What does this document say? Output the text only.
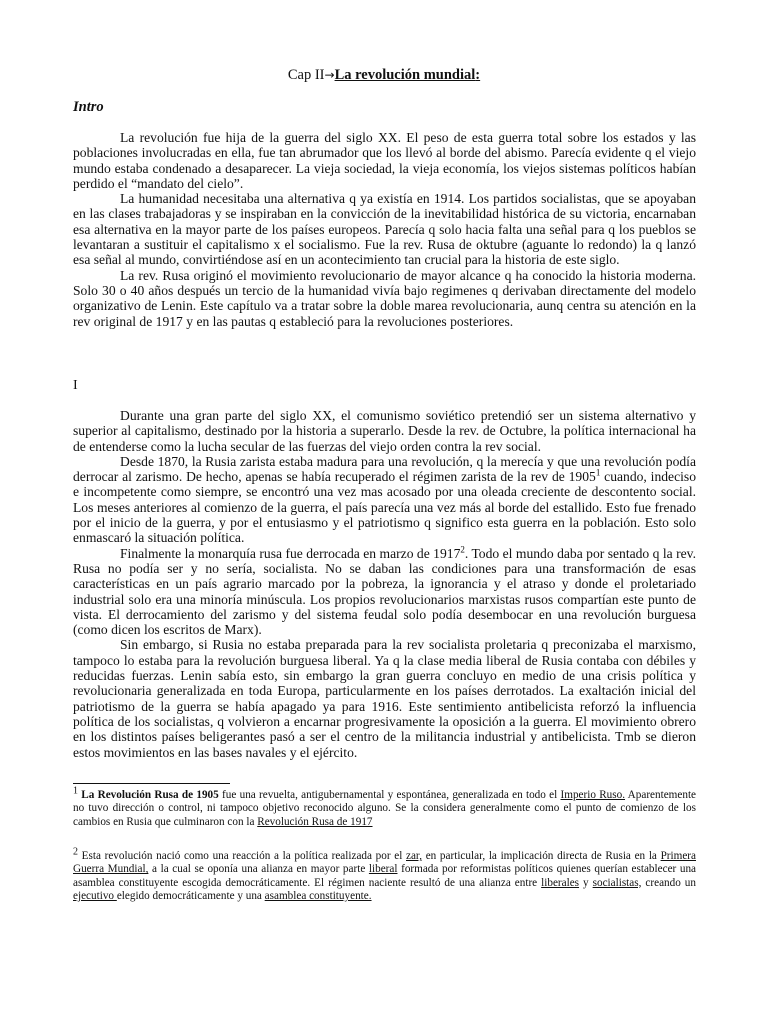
Cap II→La revolución mundial:
Intro

La revolución fue hija de la guerra del siglo XX. El peso de esta guerra total sobre los estados y las poblaciones involucradas en ella, fue tan abrumador que los llevó al borde del abismo. Parecía evidente q el viejo mundo estaba condenado a desaparecer. La vieja sociedad, la vieja economía, los viejos sistemas políticos habían perdido el “mandato del cielo”.

La humanidad necesitaba una alternativa q ya existía en 1914. Los partidos socialistas, que se apoyaban en las clases trabajadoras y se inspiraban en la convicción de la inevitabilidad histórica de su victoria, encarnaban esa alternativa en la mayor parte de los países europeos. Parecía q solo hacia falta una señal para q los pueblos se levantaran a sustituir el capitalismo x el socialismo. Fue la rev. Rusa de oktubre (aguante lo redondo) la q lanzó esa señal al mundo, convirtiéndose así en un acontecimiento tan crucial para la historia de este siglo.

La rev. Rusa originó el movimiento revolucionario de mayor alcance q ha conocido la historia moderna. Solo 30 o 40 años después un tercio de la humanidad vivía bajo regimenes q derivaban directamente del modelo organizativo de Lenin. Este capítulo va a tratar sobre la doble marea revolucionaria, aunq centra su atención en la rev original de 1917 y en las pautas q estableció para la revoluciones posteriores.

I

Durante una gran parte del siglo XX, el comunismo soviético pretendió ser un sistema alternativo y superior al capitalismo, destinado por la historia a superarlo. Desde la rev. de Octubre, la política internacional ha de entenderse como la lucha secular de las fuerzas del viejo orden contra la rev social.

Desde 1870, la Rusia zarista estaba madura para una revolución, q la merecía y que una revolución podía derrocar al zarismo. De hecho, apenas se había recuperado el régimen zarista de la rev de 1905$^1$ cuando, indeciso e incompetente como siempre, se encontró una vez mas acosado por una oleada creciente de descontento social. Los meses anteriores al comienzo de la guerra, el país parecía una vez más al borde del estallido. Esto fue frenado por el inicio de la guerra, y por el entusiasmo y el patriotismo q significo esta guerra en la población. Esto solo enmascaró la situación política.

Finalmente la monarquía rusa fue derrocada en marzo de 1917$^2$. Todo el mundo daba por sentado q la rev. Rusa no podía ser y no sería, socialista. No se daban las condiciones para una transformación de esas características en un país agrario marcado por la pobreza, la ignorancia y el atraso y donde el proletariado industrial solo era una minoría minúscula. Los propios revolucionarios marxistas rusos compartían este punto de vista. El derrocamiento del zarismo y del sistema feudal solo podía desembocar en una revolución burguesa (como dicen los escritos de Marx).

Sin embargo, si Rusia no estaba preparada para la rev socialista proletaria q preconizaba el marxismo, tampoco lo estaba para la revolución burguesa liberal. Ya q la clase media liberal de Rusia contaba con débiles y reducidas fuerzas. Lenin sabía esto, sin embargo la gran guerra concluyo en medio de una crisis política y revolucionaria generalizada en toda Europa, particularmente en los países derrotados. La exaltación inicial del patriotismo de la guerra se había apagado ya para 1916. Este sentimiento antibelicista reforzó la influencia política de los socialistas, q volvieron a encarnar progresivamente la oposición a la guerra. El movimiento obrero en los distintos países beligerantes pasó a ser el centro de la militancia industrial y antibelicista. Tmb se dieron estos movimientos en las bases navales y el ejército.

1 La Revolución Rusa de 1905 fue una revuelta, antigubernamental y espontánea, generalizada en todo el Imperio Ruso. Aparentemente no tuvo dirección o control, ni tampoco objetivo reconocido alguno. Se la considera generalmente como el punto de comienzo de los cambios en Rusia que culminaron con la Revolución Rusa de 1917

2 Esta revolución nació como una reacción a la política realizada por el zar, en particular, la implicación directa de Rusia en la Primera Guerra Mundial, a la cual se oponía una alianza en mayor parte liberal formada por reformistas políticos quienes querían establecer una asamblea constituyente escogida democráticamente. El régimen naciente resultó de una alianza entre liberales y socialistas, creando un ejecutivo elegido democráticamente y una asamblea constituyente.
